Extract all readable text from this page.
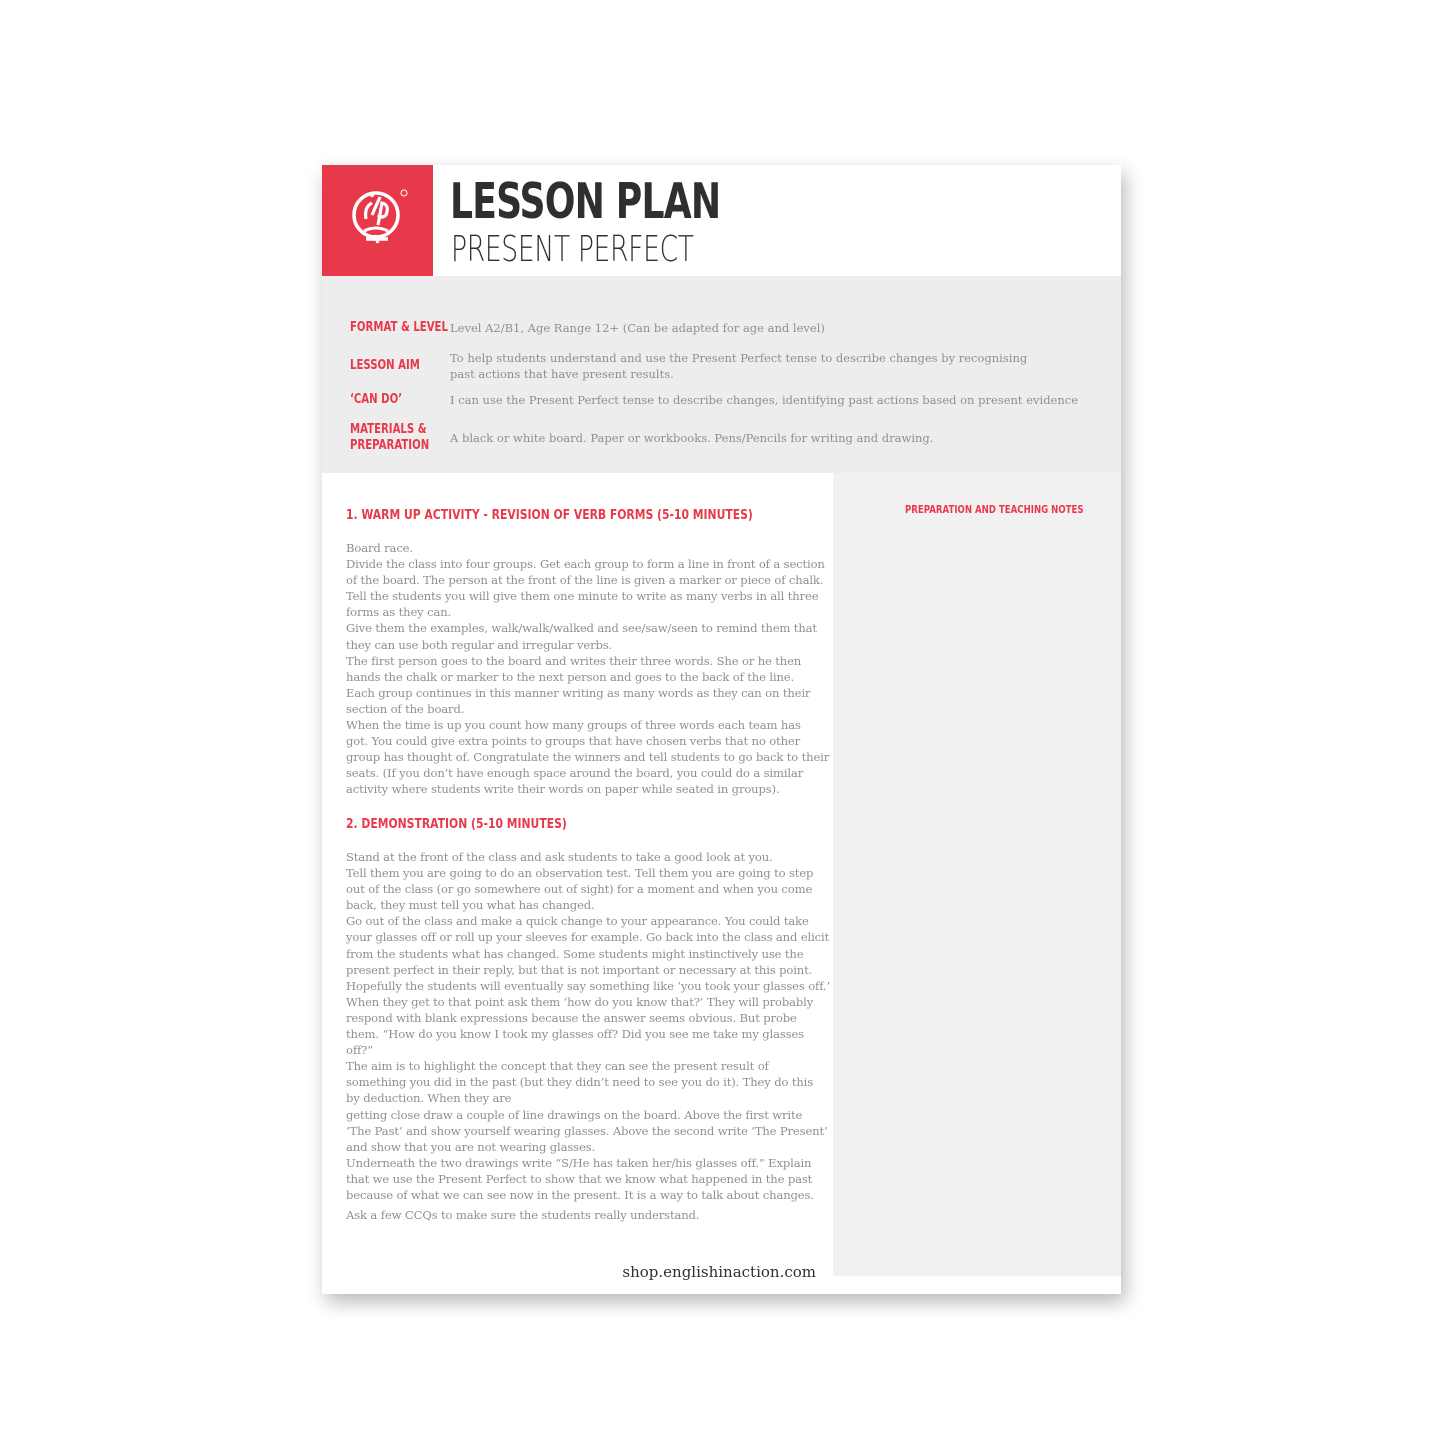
LESSON PLAN
PRESENT PERFECT
FORMAT & LEVEL Level A2/B1, Age Range 12+ (Can be adapted for age and level)
LESSON AIM	To help students understand and use the Present Perfect tense to describe changes by recognising past actions that have present results.
‘CAN DO’	I can use the Present Perfect tense to describe changes, identifying past actions based on present evidence
MATERIALS &
PREPARATION A black or white board. Paper or workbooks. Pens/Pencils for writing and drawing.
1. WARM UP ACTIVITY - REVISION OF VERB FORMS (5-10 MINUTES)
Board race.
Divide the class into four groups. Get each group to form a line in front of a section
of the board. The person at the front of the line is given a marker or piece of chalk.
Tell the students you will give them one minute to write as many verbs in all three
forms as they can.
Give them the examples, walk/walk/walked and see/saw/seen to remind them that
they can use both regular and irregular verbs.
The first person goes to the board and writes their three words. She or he then
hands the chalk or marker to the next person and goes to the back of the line.
Each group continues in this manner writing as many words as they can on their
section of the board.
When the time is up you count how many groups of three words each team has
got. You could give extra points to groups that have chosen verbs that no other
group has thought of. Congratulate the winners and tell students to go back to their
seats. (If you don’t have enough space around the board, you could do a similar
activity where students write their words on paper while seated in groups).
2. DEMONSTRATION (5-10 MINUTES)
Stand at the front of the class and ask students to take a good look at you.
Tell them you are going to do an observation test. Tell them you are going to step
out of the class (or go somewhere out of sight) for a moment and when you come
back, they must tell you what has changed.
Go out of the class and make a quick change to your appearance. You could take
your glasses off or roll up your sleeves for example. Go back into the class and elicit
from the students what has changed. Some students might instinctively use the
present perfect in their reply, but that is not important or necessary at this point.
Hopefully the students will eventually say something like ‘you took your glasses off.’
When they get to that point ask them ‘how do you know that?’ They will probably
respond with blank expressions because the answer seems obvious. But probe
them. “How do you know I took my glasses off? Did you see me take my glasses
off?”
The aim is to highlight the concept that they can see the present result of
something you did in the past (but they didn’t need to see you do it). They do this
by deduction. When they are
getting close draw a couple of line drawings on the board. Above the first write
‘The Past’ and show yourself wearing glasses. Above the second write ‘The Present’
and show that you are not wearing glasses.
Underneath the two drawings write “S/He has taken her/his glasses off.” Explain
that we use the Present Perfect to show that we know what happened in the past
because of what we can see now in the present. It is a way to talk about changes.
Ask a few CCQs to make sure the students really understand.
PREPARATION AND TEACHING NOTES
shop.englishinaction.com
